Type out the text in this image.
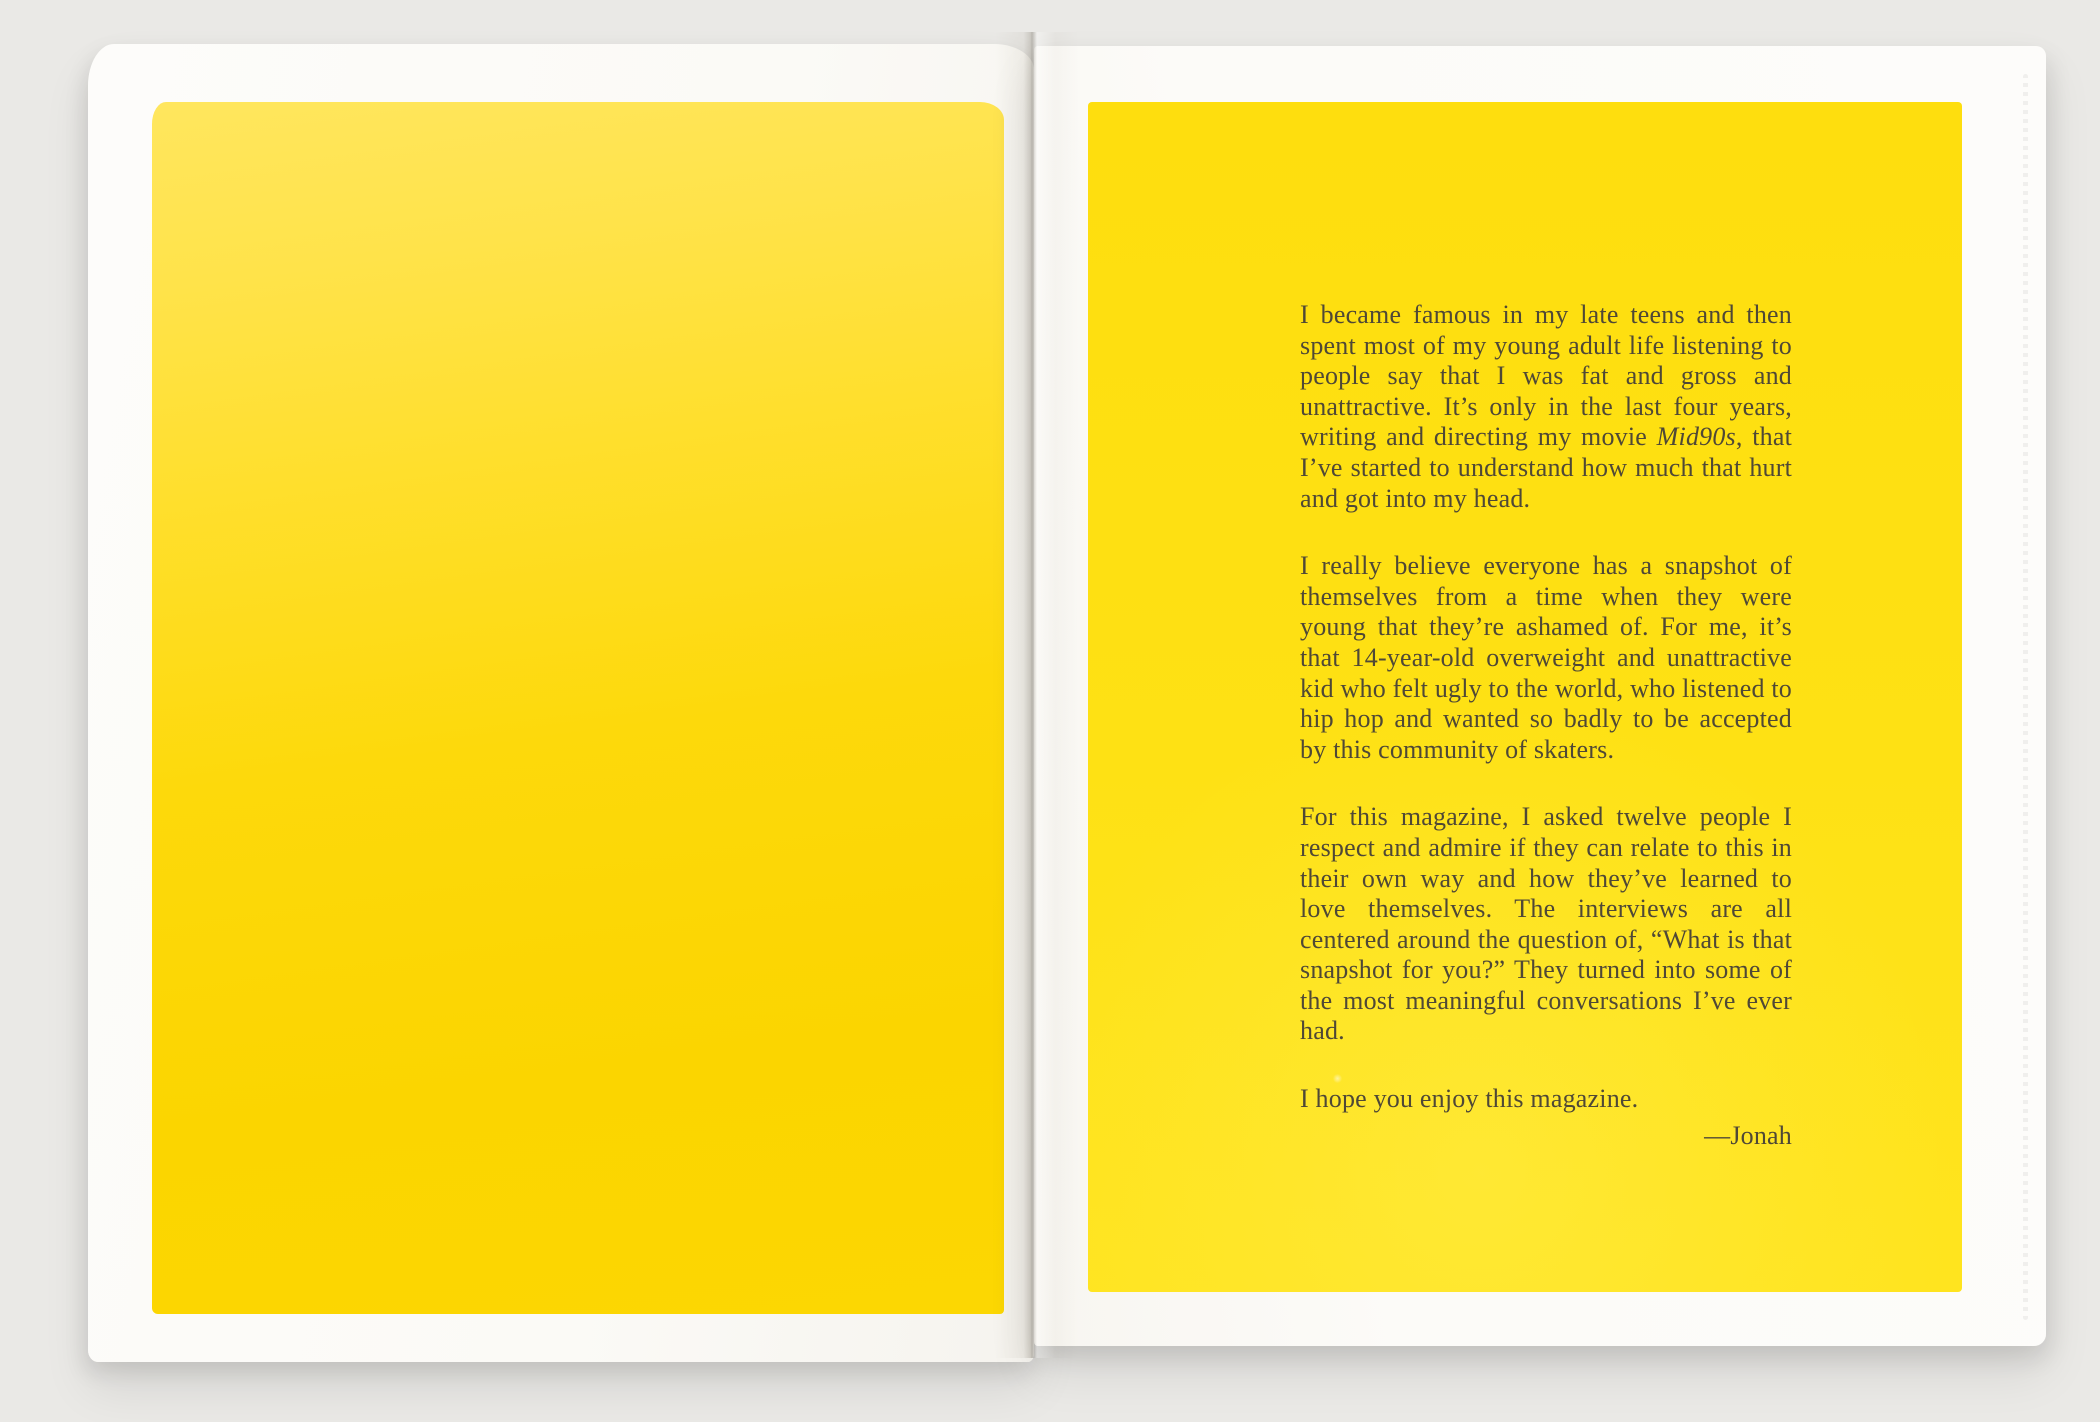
I became famous in my late teens and then spent most of my young adult life listening to people say that I was fat and gross and unattractive. It’s only in the last four years, writing and directing my movie Mid90s, that I’ve started to understand how much that hurt and got into my head.

I really believe everyone has a snapshot of themselves from a time when they were young that they’re ashamed of. For me, it’s that 14-year-old overweight and unattractive kid who felt ugly to the world, who listened to hip hop and wanted so badly to be accepted by this community of skaters.

For this magazine, I asked twelve people I respect and admire if they can relate to this in their own way and how they’ve learned to love themselves. The interviews are all centered around the question of, “What is that snapshot for you?” They turned into some of the most meaningful conversations I’ve ever had.

I hope you enjoy this magazine.

—Jonah
